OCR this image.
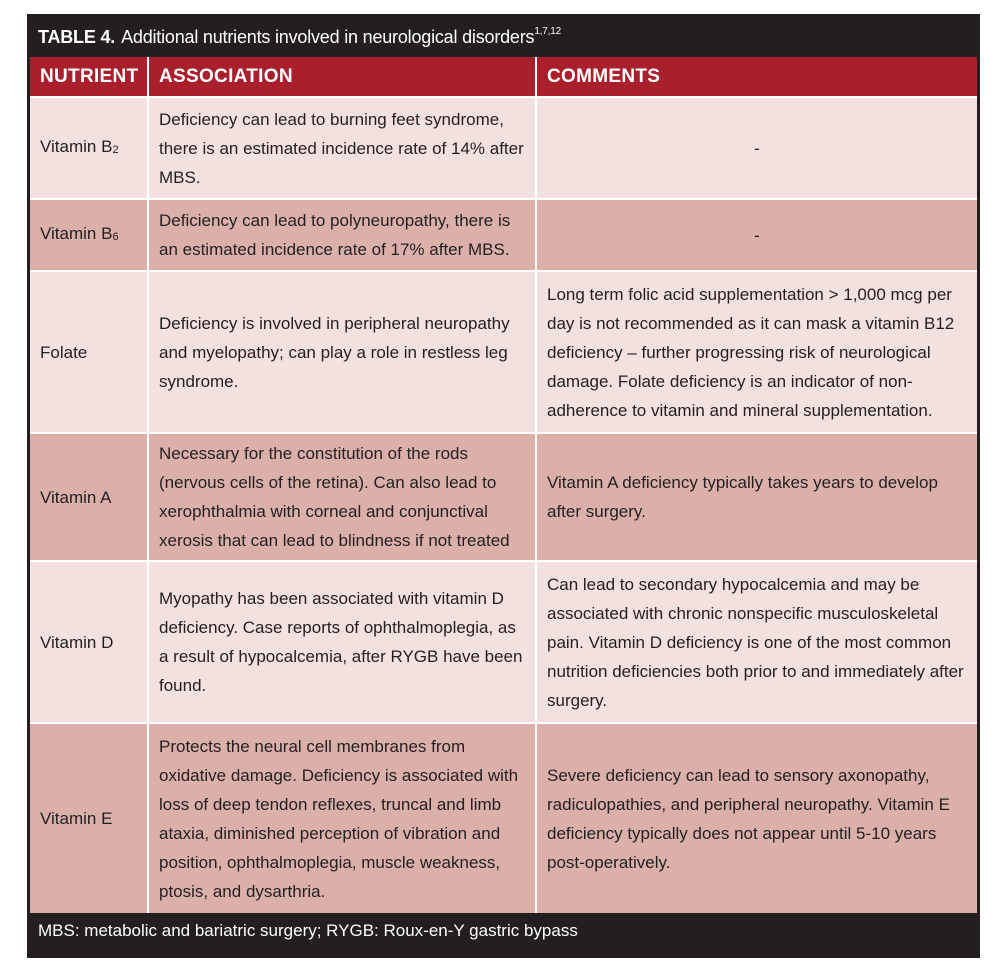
TABLE 4. Additional nutrients involved in neurological disorders$^{1,7,12}$
NUTRIENT	ASSOCIATION	COMMENTS
Vitamin $B_2$	Deficiency can lead to burning feet syndrome, there is an estimated incidence rate of 14% after MBS.	-
Vitamin $B_6$	Deficiency can lead to polyneuropathy, there is an estimated incidence rate of 17% after MBS.	-
Folate	Deficiency is involved in peripheral neuropathy and myelopathy; can play a role in restless leg syndrome.	Long term folic acid supplementation > 1,000 mcg per day is not recommended as it can mask a vitamin B12 deficiency – further progressing risk of neurological damage. Folate deficiency is an indicator of non-adherence to vitamin and mineral supplementation.
Vitamin A	Necessary for the constitution of the rods (nervous cells of the retina). Can also lead to xerophthalmia with corneal and conjunctival xerosis that can lead to blindness if not treated	Vitamin A deficiency typically takes years to develop after surgery.
Vitamin D	Myopathy has been associated with vitamin D deficiency. Case reports of ophthalmoplegia, as a result of hypocalcemia, after RYGB have been found.	Can lead to secondary hypocalcemia and may be associated with chronic nonspecific musculoskeletal pain. Vitamin D deficiency is one of the most common nutrition deficiencies both prior to and immediately after surgery.
Vitamin E	Protects the neural cell membranes from oxidative damage. Deficiency is associated with loss of deep tendon reflexes, truncal and limb ataxia, diminished perception of vibration and position, ophthalmoplegia, muscle weakness, ptosis, and dysarthria.	Severe deficiency can lead to sensory axonopathy, radiculopathies, and peripheral neuropathy. Vitamin E deficiency typically does not appear until 5-10 years post-operatively.
MBS: metabolic and bariatric surgery; RYGB: Roux-en-Y gastric bypass
